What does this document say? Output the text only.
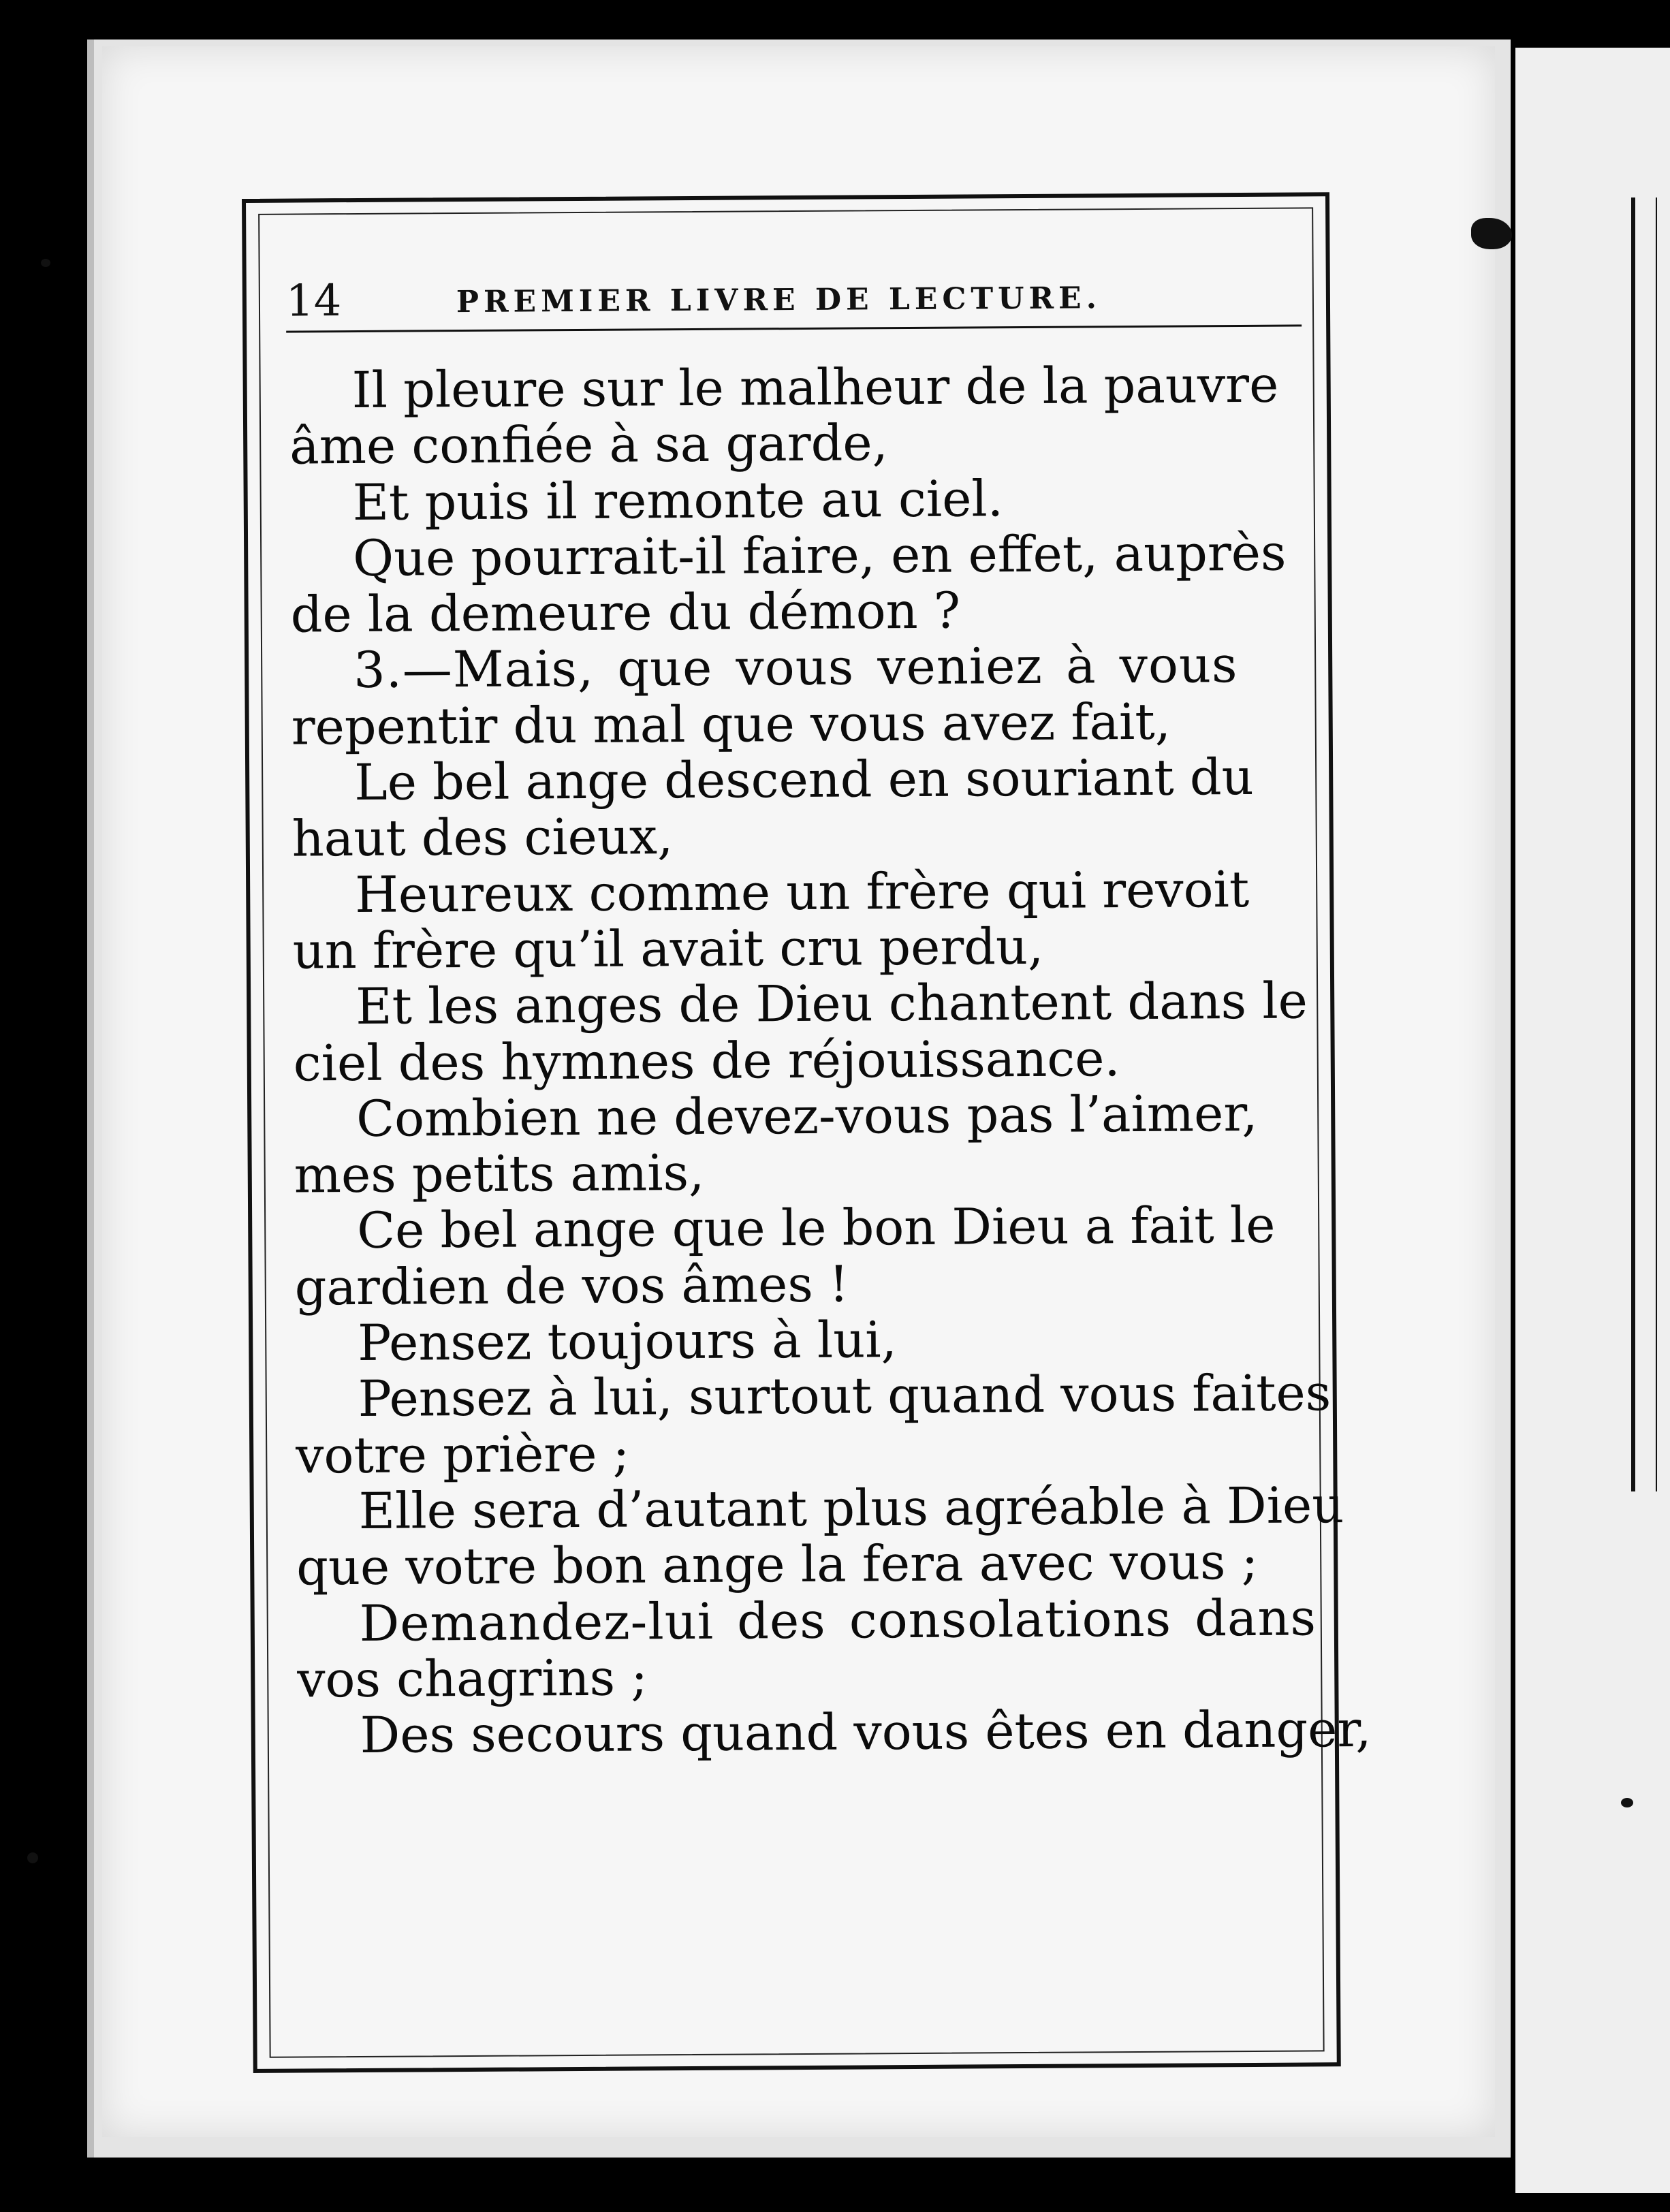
14	PREMIER LIVRE DE LECTURE.
Il pleure sur le malheur de la pauvre
âme confiée à sa garde,
Et puis il remonte au ciel.
Que pourrait-il faire, en effet, auprès
de la demeure du démon ?
3.—Mais, que vous veniez à vous
repentir du mal que vous avez fait,
Le bel ange descend en souriant du
haut des cieux,
Heureux comme un frère qui revoit
un frère qu’il avait cru perdu,
Et les anges de Dieu chantent dans le
ciel des hymnes de réjouissance.
Combien ne devez-vous pas l’aimer,
mes petits amis,
Ce bel ange que le bon Dieu a fait le
gardien de vos âmes !
Pensez toujours à lui,
Pensez à lui, surtout quand vous faites
votre prière ;
Elle sera d’autant plus agréable à Dieu
que votre bon ange la fera avec vous ;
Demandez-lui des consolations dans
vos chagrins ;
Des secours quand vous êtes en danger,
